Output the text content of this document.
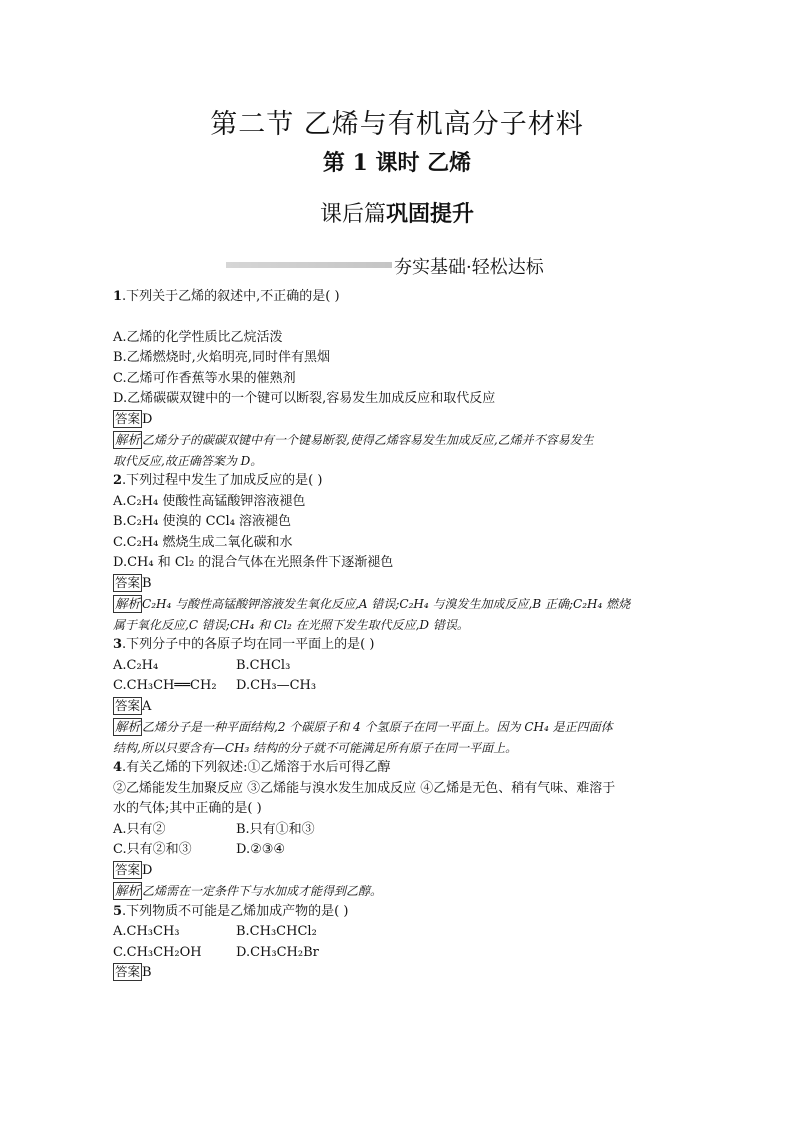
第二节 乙烯与有机高分子材料
第 1 课时 乙烯
课后篇巩固提升
夯实基础·轻松达标
1.下列关于乙烯的叙述中,不正确的是( )
A.乙烯的化学性质比乙烷活泼
B.乙烯燃烧时,火焰明亮,同时伴有黑烟
C.乙烯可作香蕉等水果的催熟剂
D.乙烯碳碳双键中的一个键可以断裂,容易发生加成反应和取代反应
答案 D
解析 乙烯分子的碳碳双键中有一个键易断裂,使得乙烯容易发生加成反应,乙烯并不容易发生
取代反应,故正确答案为 D。
2.下列过程中发生了加成反应的是( )
A.C₂H₄ 使酸性高锰酸钾溶液褪色
B.C₂H₄ 使溴的 CCl₄ 溶液褪色
C.C₂H₄ 燃烧生成二氧化碳和水
D.CH₄ 和 Cl₂ 的混合气体在光照条件下逐渐褪色
答案 B
解析 C₂H₄ 与酸性高锰酸钾溶液发生氧化反应,A 错误;C₂H₄ 与溴发生加成反应,B 正确;C₂H₄ 燃烧
属于氧化反应,C 错误;CH₄ 和 Cl₂ 在光照下发生取代反应,D 错误。
3.下列分子中的各原子均在同一平面上的是( )
A.C₂H₄	B.CHCl₃
C.CH₃CH══CH₂	D.CH₃—CH₃
答案 A
解析 乙烯分子是一种平面结构,2 个碳原子和 4 个氢原子在同一平面上。因为 CH₄ 是正四面体
结构,所以只要含有—CH₃ 结构的分子就不可能满足所有原子在同一平面上。
4.有关乙烯的下列叙述:①乙烯溶于水后可得乙醇
②乙烯能发生加聚反应 ③乙烯能与溴水发生加成反应 ④乙烯是无色、稍有气味、难溶于
水的气体;其中正确的是( )
A.只有②	B.只有①和③
C.只有②和③	D.②③④
答案 D
解析 乙烯需在一定条件下与水加成才能得到乙醇。
5.下列物质不可能是乙烯加成产物的是( )
A.CH₃CH₃	B.CH₃CHCl₂
C.CH₃CH₂OH	D.CH₃CH₂Br
答案 B
